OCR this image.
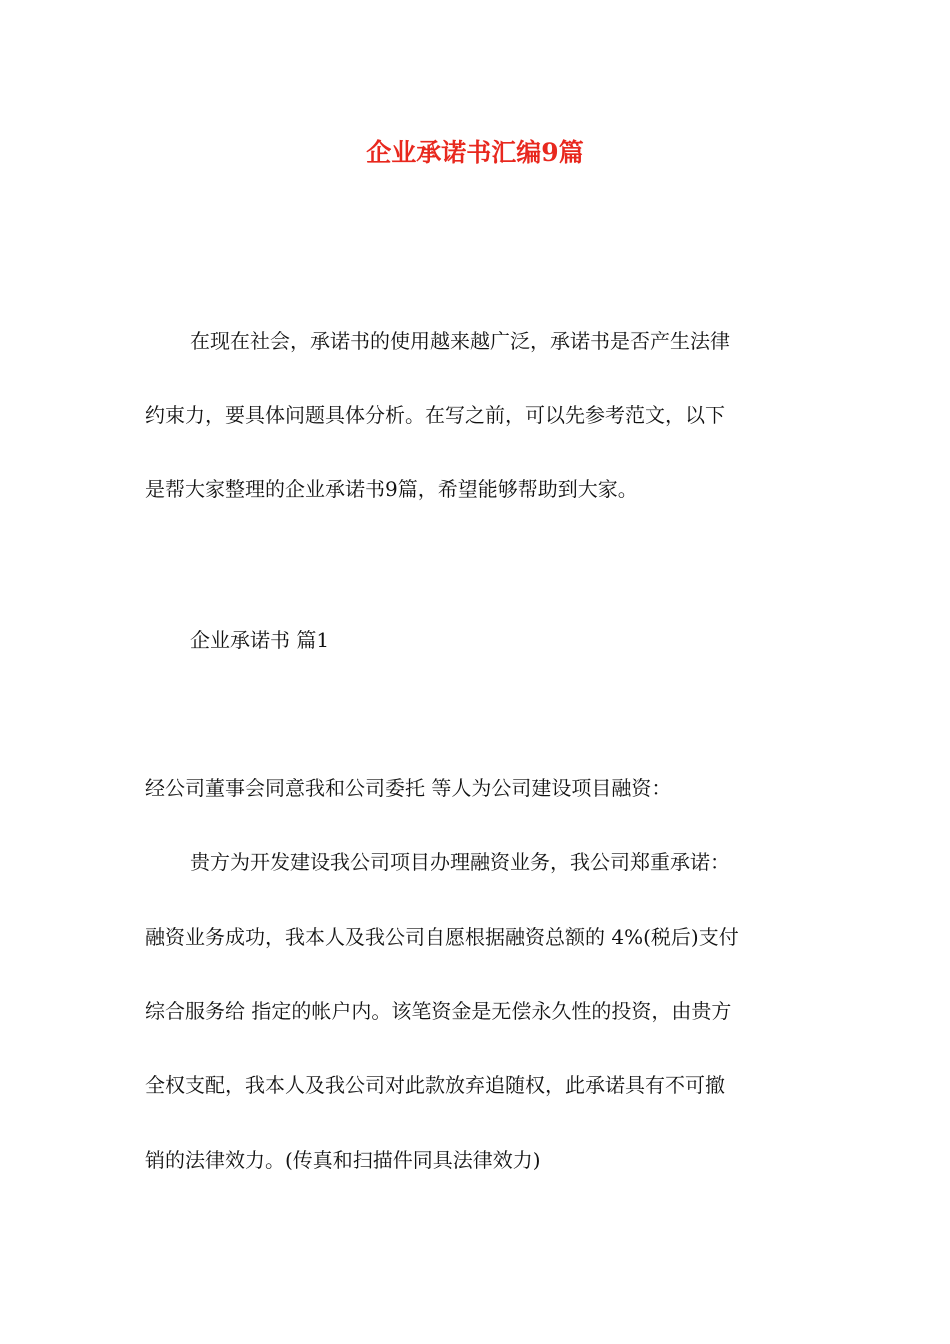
企业承诺书汇编9篇

在现在社会，承诺书的使用越来越广泛，承诺书是否产生法律

约束力，要具体问题具体分析。在写之前，可以先参考范文，以下

是帮大家整理的企业承诺书9篇，希望能够帮助到大家。

企业承诺书 篇1

经公司董事会同意我和公司委托 等人为公司建设项目融资：

贵方为开发建设我公司项目办理融资业务，我公司郑重承诺：

融资业务成功，我本人及我公司自愿根据融资总额的 4%(税后)支付

综合服务给 指定的帐户内。该笔资金是无偿永久性的投资，由贵方

全权支配，我本人及我公司对此款放弃追随权，此承诺具有不可撤

销的法律效力。(传真和扫描件同具法律效力)
